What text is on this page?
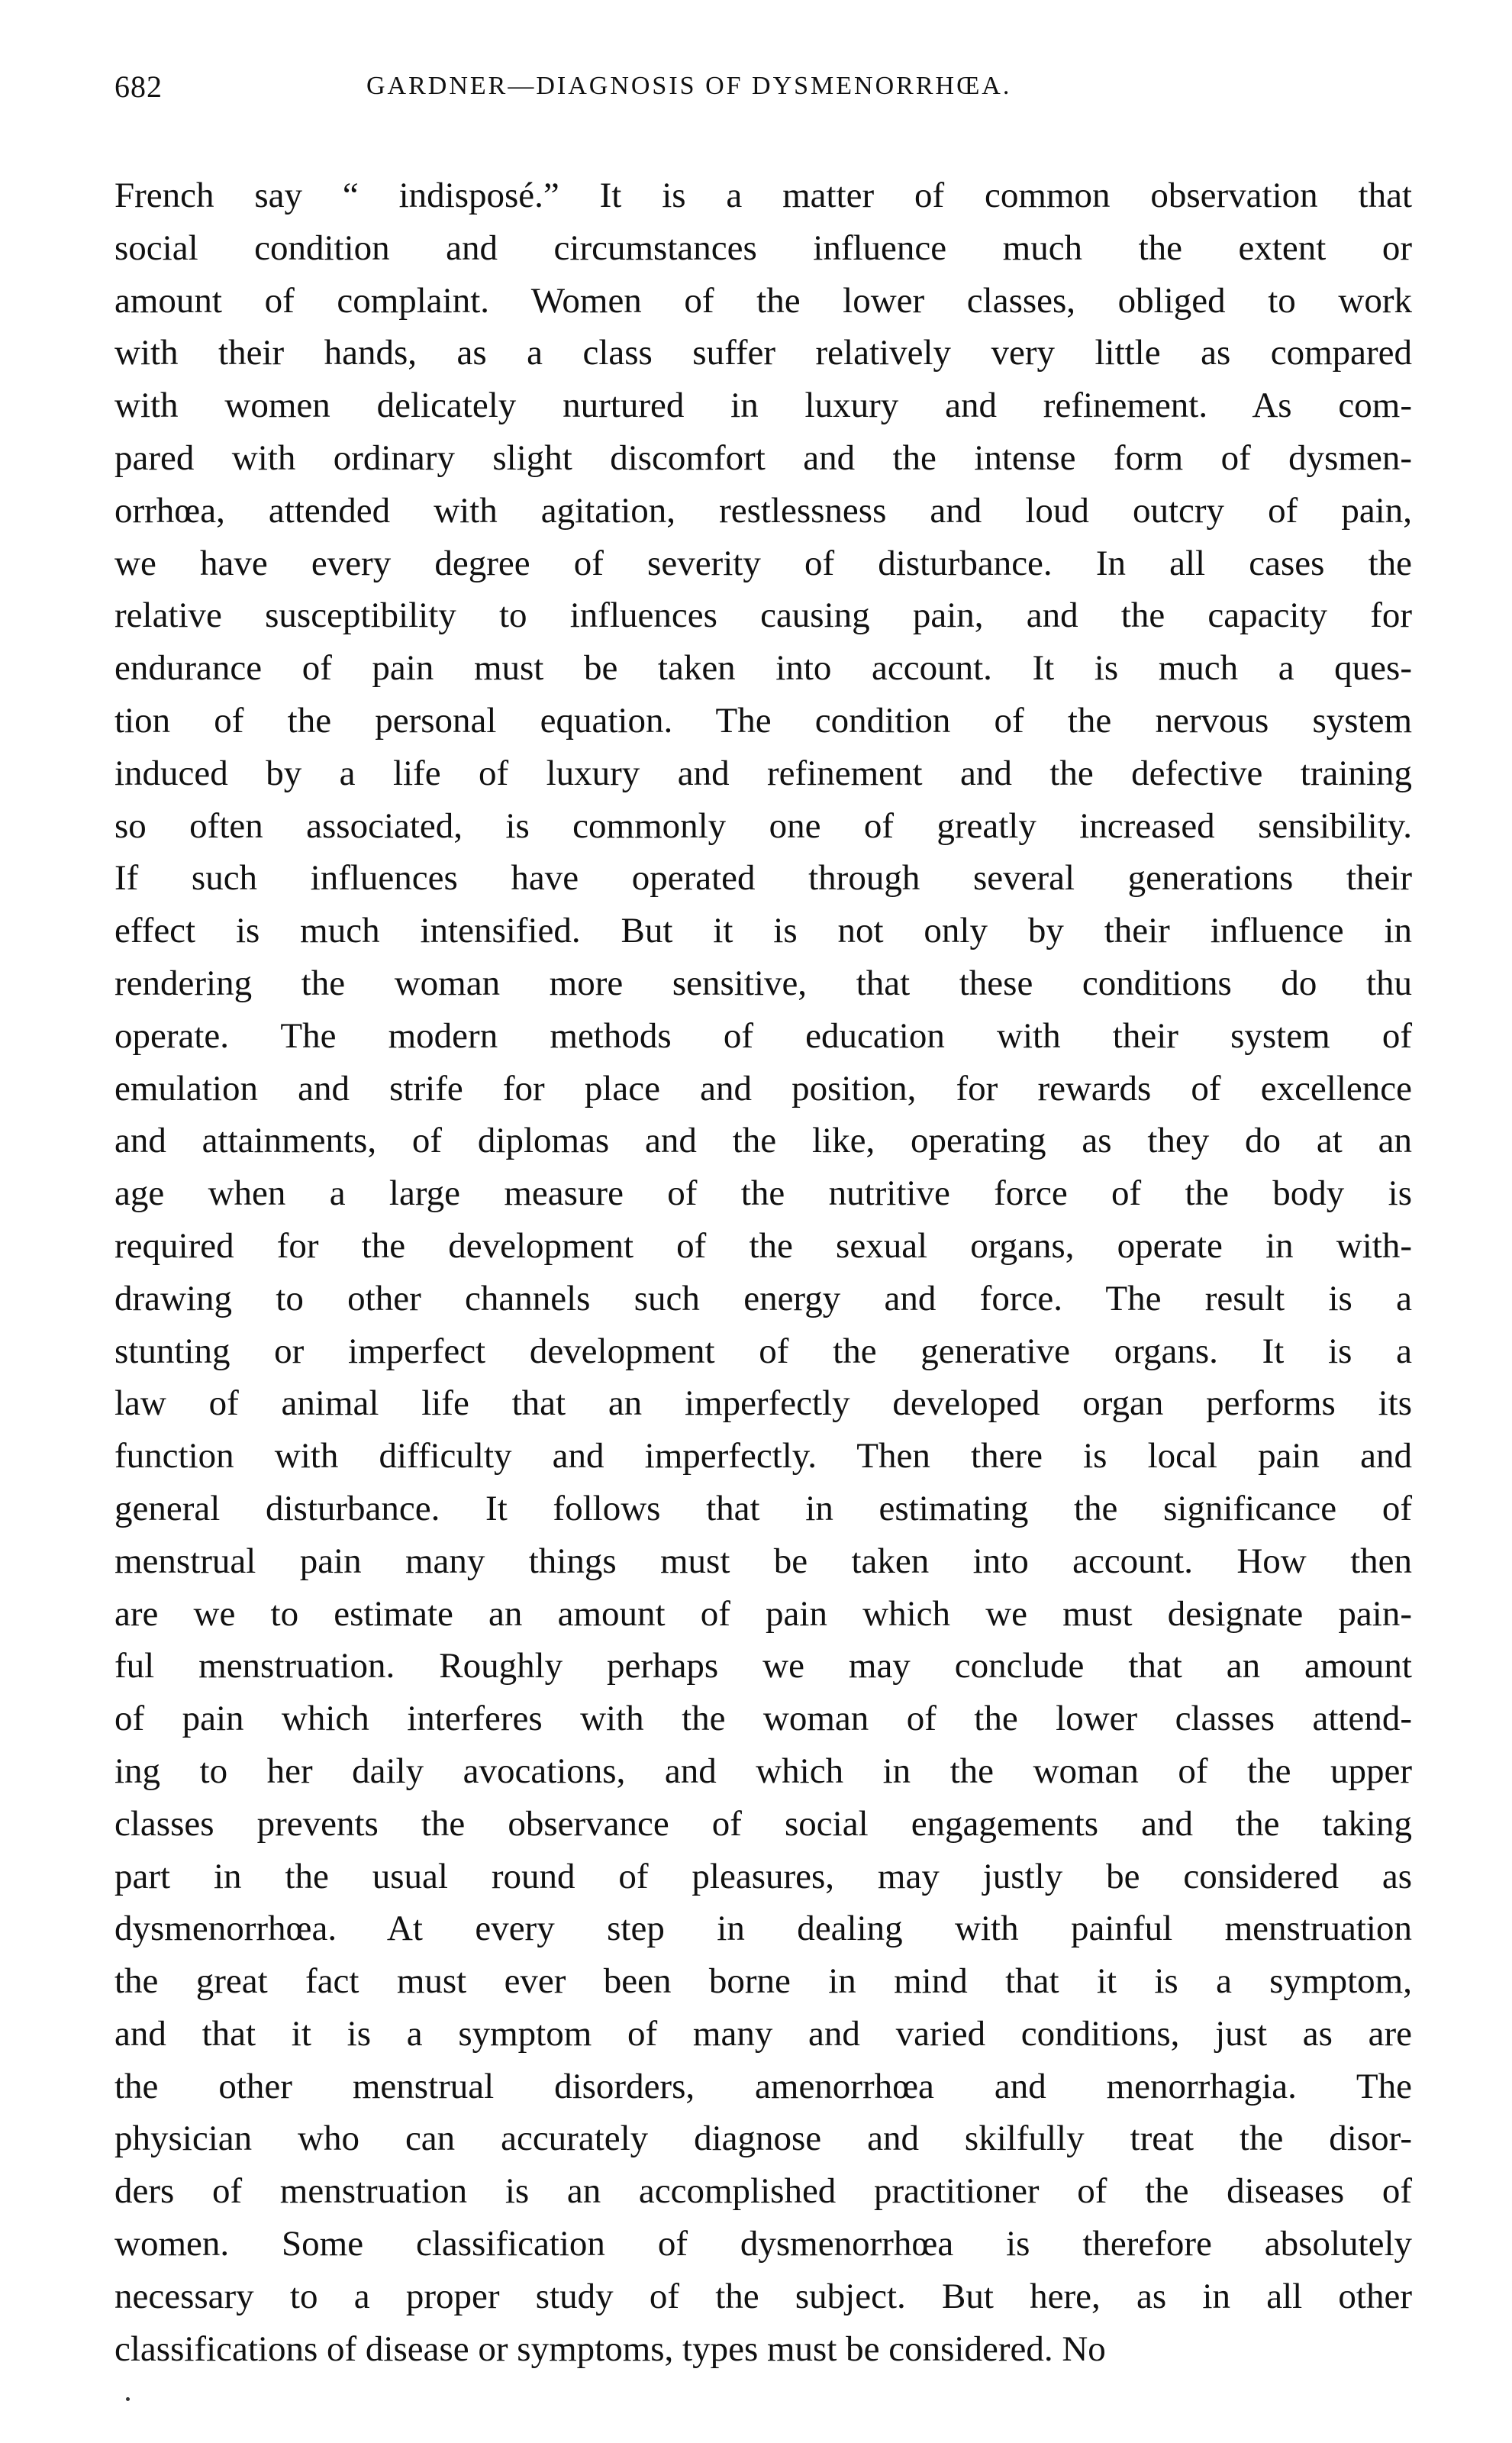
682	GARDNER—DIAGNOSIS OF DYSMENORRHŒA.
French say “ indisposé.” It is a matter of common observation that
social condition and circumstances influence much the extent or
amount of complaint. Women of the lower classes, obliged to work
with their hands, as a class suffer relatively very little as compared
with women delicately nurtured in luxury and refinement. As com-
pared with ordinary slight discomfort and the intense form of dysmen-
orrhœa, attended with agitation, restlessness and loud outcry of pain,
we have every degree of severity of disturbance. In all cases the
relative susceptibility to influences causing pain, and the capacity for
endurance of pain must be taken into account. It is much a ques-
tion of the personal equation. The condition of the nervous system
induced by a life of luxury and refinement and the defective training
so often associated, is commonly one of greatly increased sensibility.
If such influences have operated through several generations their
effect is much intensified. But it is not only by their influence in
rendering the woman more sensitive, that these conditions do thu
operate. The modern methods of education with their system of
emulation and strife for place and position, for rewards of excellence
and attainments, of diplomas and the like, operating as they do at an
age when a large measure of the nutritive force of the body is
required for the development of the sexual organs, operate in with-
drawing to other channels such energy and force. The result is a
stunting or imperfect development of the generative organs. It is a
law of animal life that an imperfectly developed organ performs its
function with difficulty and imperfectly. Then there is local pain and
general disturbance. It follows that in estimating the significance of
menstrual pain many things must be taken into account. How then
are we to estimate an amount of pain which we must designate pain-
ful menstruation. Roughly perhaps we may conclude that an amount
of pain which interferes with the woman of the lower classes attend-
ing to her daily avocations, and which in the woman of the upper
classes prevents the observance of social engagements and the taking
part in the usual round of pleasures, may justly be considered as
dysmenorrhœa. At every step in dealing with painful menstruation
the great fact must ever been borne in mind that it is a symptom,
and that it is a symptom of many and varied conditions, just as are
the other menstrual disorders, amenorrhœa and menorrhagia. The
physician who can accurately diagnose and skilfully treat the disor-
ders of menstruation is an accomplished practitioner of the diseases of
women. Some classification of dysmenorrhœa is therefore absolutely
necessary to a proper study of the subject. But here, as in all other
classifications of disease or symptoms, types must be considered. No
